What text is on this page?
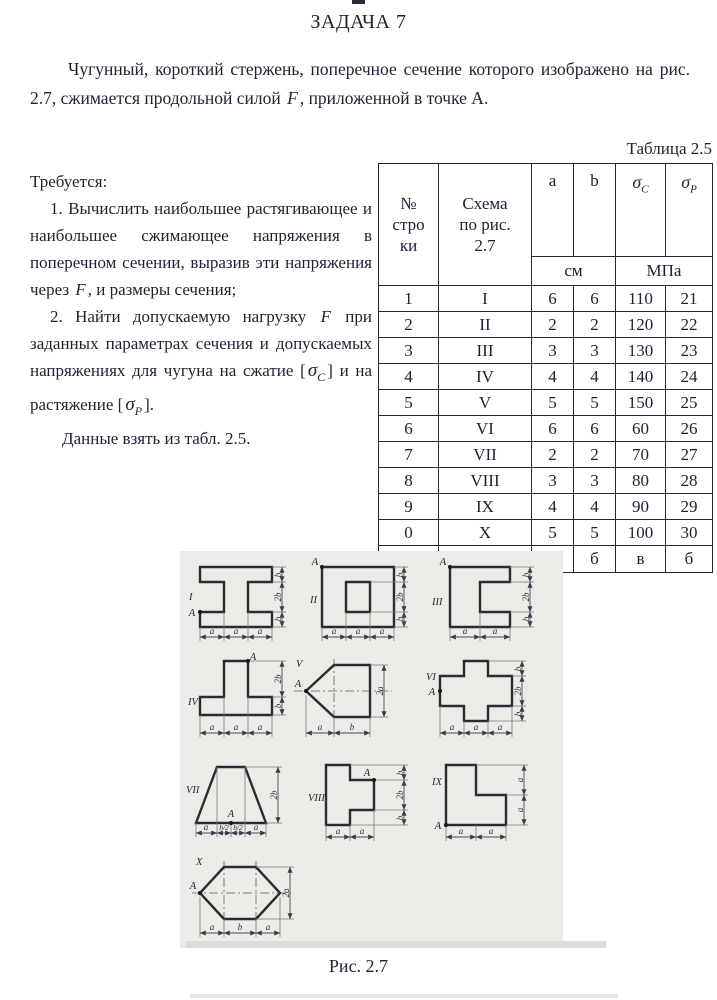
ЗАДАЧА 7

Чугунный, короткий стержень, поперечное сечение которого изображено на рис. 2.7, сжимается продольной силой F , приложенной в точке А.

Таблица 2.5

Требуется:

1. Вычислить наибольшее растягивающее и наибольшее сжимающее напряжения в поперечном сечении, выразив эти напряжения через F , и размеры сечения;

2. Найти допускаемую нагрузку F при заданных параметрах сечения и допускаемых напряжениях для чугуна на сжатие [ $\sigma_C$ ] и на растяжение [ $\sigma_P$ ].

Данные взять из табл. 2.5.

№
стро
ки	Схема
по рис.
2.7	a	b	$\sigma_C$	$\sigma_P$
		см		МПа	
1	I	6	6	110	21
2	II	2	2	120	22
3	III	3	3	130	23
4	IV	4	4	140	24
5	V	5	5	150	25
6	VI	6	6	60	26
7	VII	2	2	70	27
8	VIII	3	3	80	28
9	IX	4	4	90	29
0	X	5	5	100	30
			б	в	б
a a a
b
2b
b
A
I
a a a
b
2b
b
A
II
a	a
b
2b
b
A
III
a a a
2b
b
A
IV
a	b
2a
A
V
a a a
b
2b
b
A
VI
a b/2 b/2 a
2b
A
VII
a a
b
2b
b
A
VIII
a	a
a
a
A
IX
a	b	a
2a
A
X
Рис. 2.7
